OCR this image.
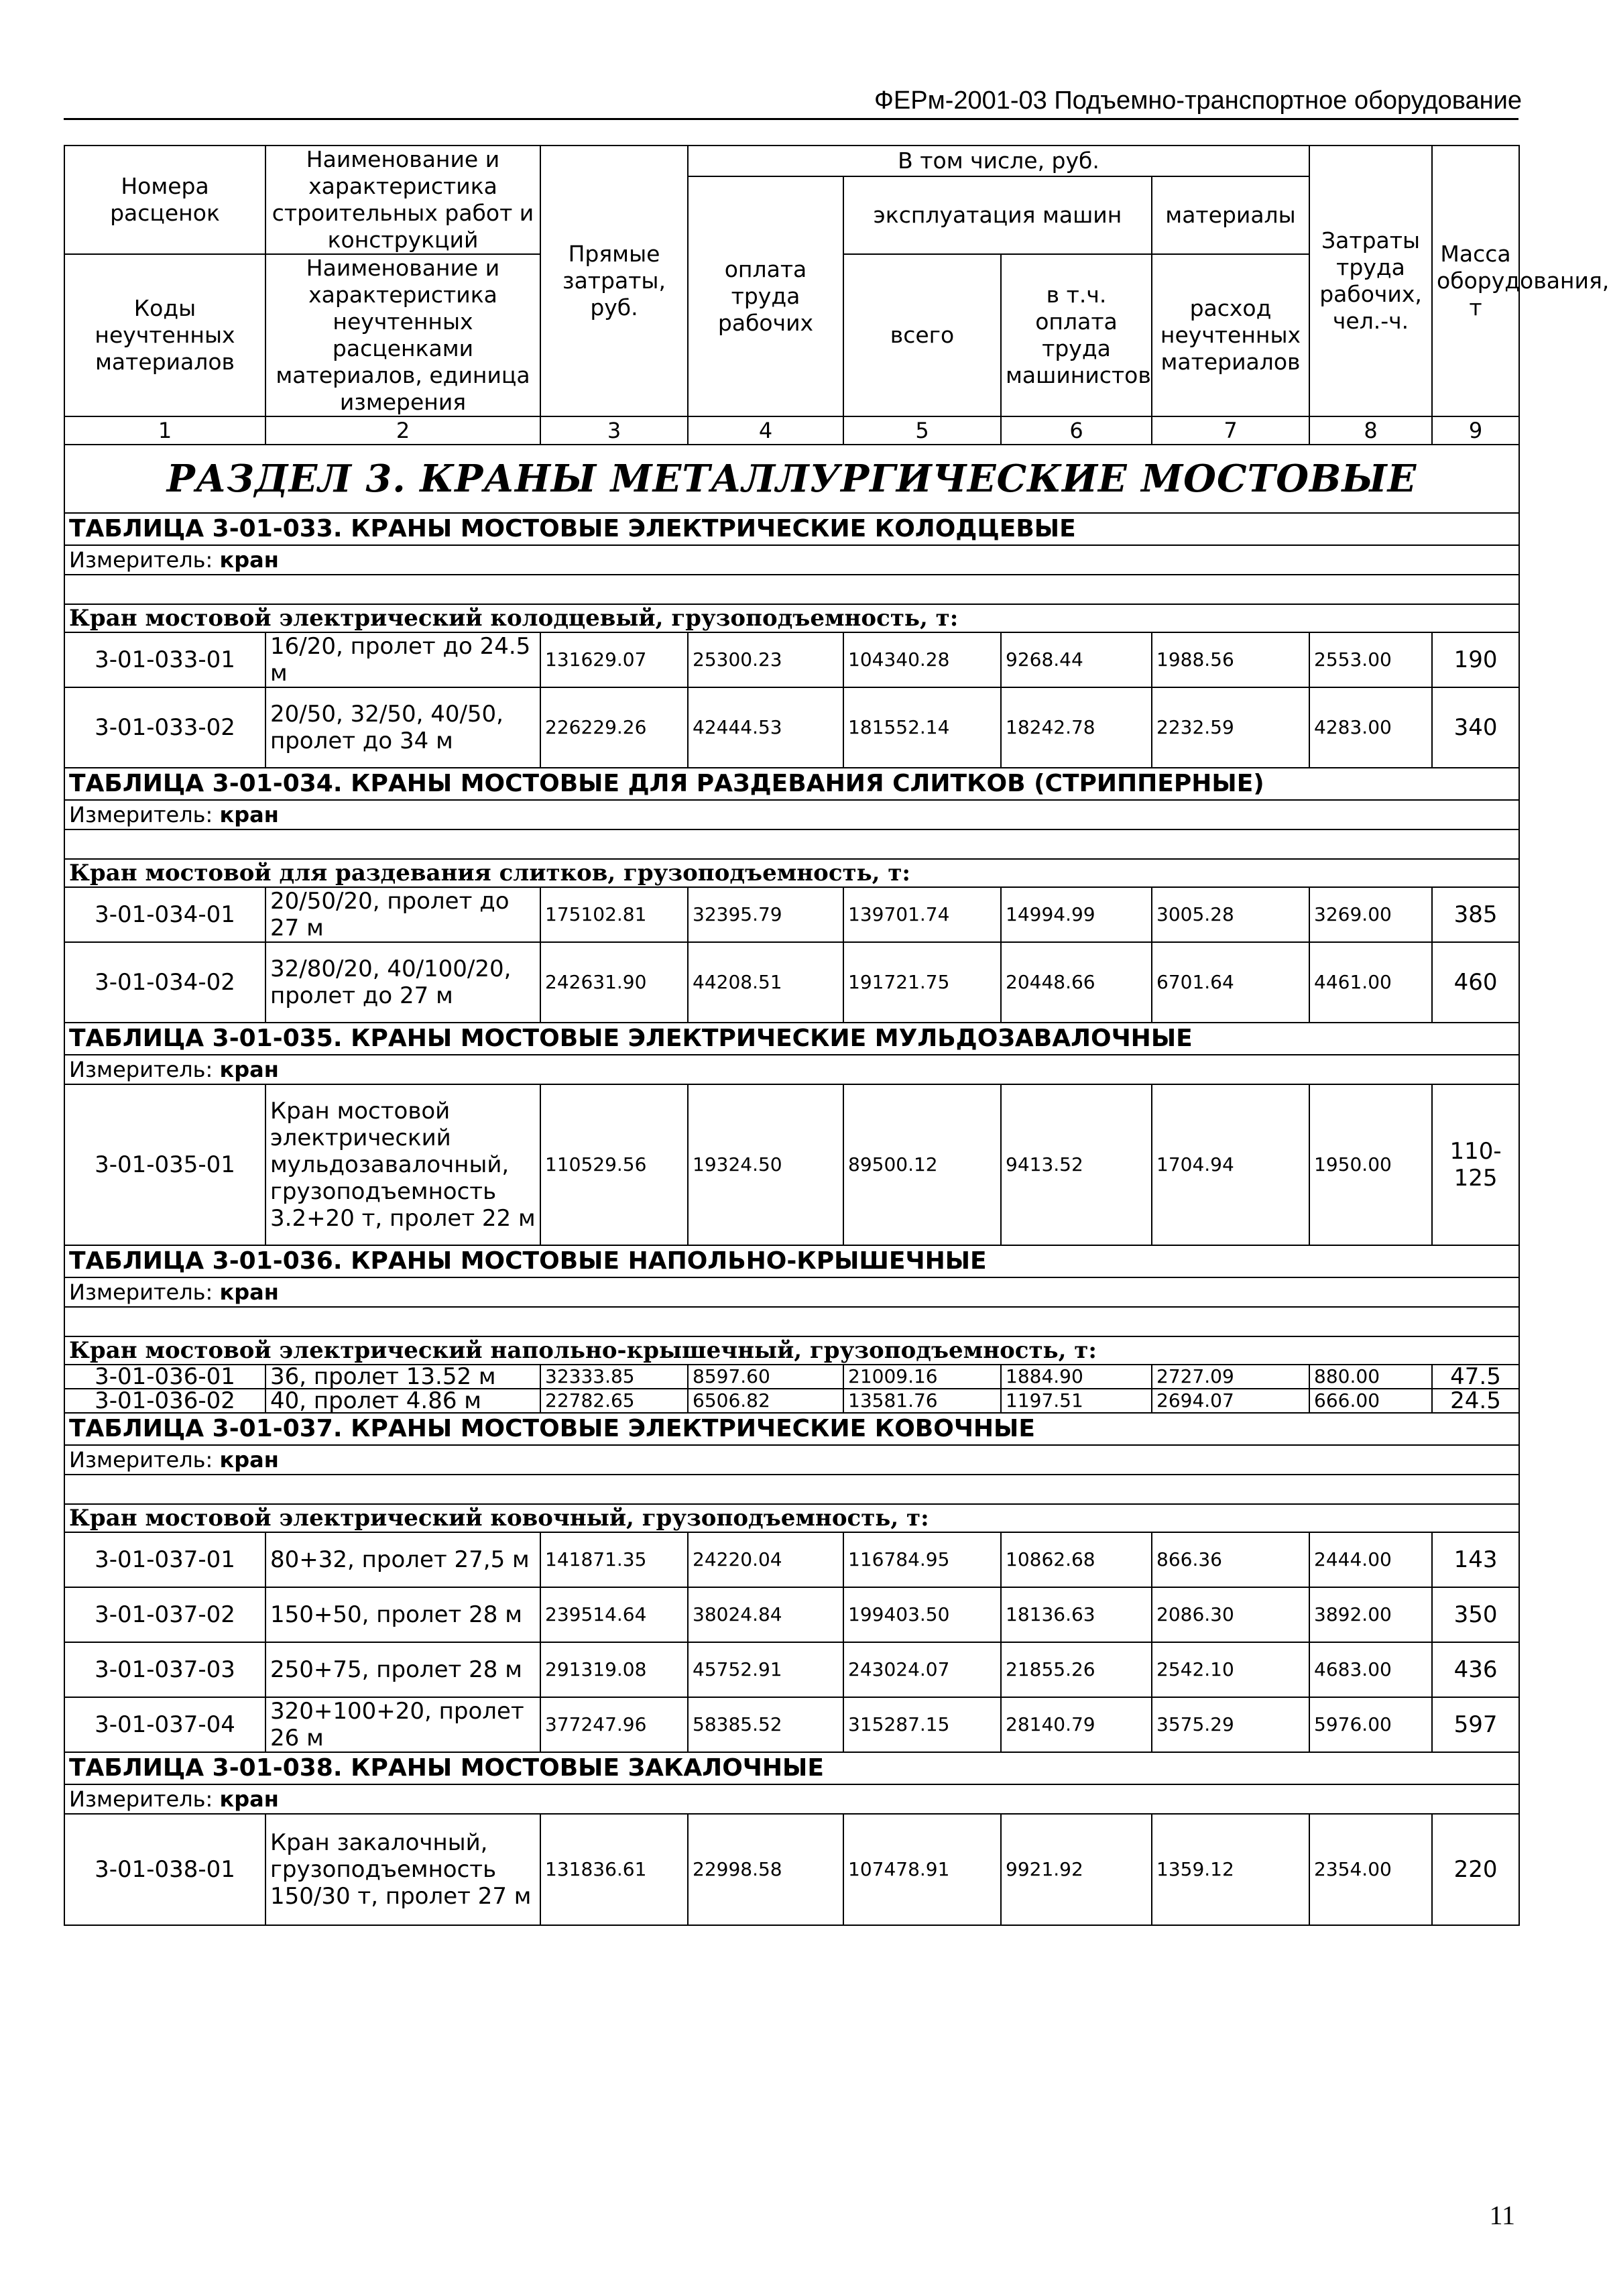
ФЕРм-2001-03 Подъемно-транспортное оборудование
Номера расценок	Наименование и характеристика строительных работ и конструкций	Прямые затраты, руб.	В том числе, руб.				Затраты труда рабочих, чел.-ч.	Масса оборудования, т
			оплата труда рабочих	эксплуатация машин		материалы		
Коды неучтенных материалов	Наименование и характеристика неучтенных расценками материалов, единица измерения			всего	в т.ч. оплата труда машинистов	расход неучтенных материалов		

1	2	3	4	5	6	7	8	9
РАЗДЕЛ 3. КРАНЫ МЕТАЛЛУРГИЧЕСКИЕ МОСТОВЫЕ								
ТАБЛИЦА 3-01-033. КРАНЫ МОСТОВЫЕ ЭЛЕКТРИЧЕСКИЕ КОЛОДЦЕВЫЕ								
Измеритель: кран								

Кран мостовой электрический колодцевый, грузоподъемность, т:								
3-01-033-01	16/20, пролет до 24.5 м	131629.07	25300.23	104340.28	9268.44	1988.56	2553.00	190
3-01-033-02	20/50, 32/50, 40/50, пролет до 34 м	226229.26	42444.53	181552.14	18242.78	2232.59	4283.00	340
ТАБЛИЦА 3-01-034. КРАНЫ МОСТОВЫЕ ДЛЯ РАЗДЕВАНИЯ СЛИТКОВ (СТРИППЕРНЫЕ)								
Измеритель: кран								

Кран мостовой для раздевания слитков, грузоподъемность, т:								
3-01-034-01	20/50/20, пролет до 27 м	175102.81	32395.79	139701.74	14994.99	3005.28	3269.00	385
3-01-034-02	32/80/20, 40/100/20, пролет до 27 м	242631.90	44208.51	191721.75	20448.66	6701.64	4461.00	460
ТАБЛИЦА 3-01-035. КРАНЫ МОСТОВЫЕ ЭЛЕКТРИЧЕСКИЕ МУЛЬДОЗАВАЛОЧНЫЕ								
Измеритель: кран								
3-01-035-01	Кран мостовой электрический мульдозавалочный, грузоподъемность 3.2+20 т, пролет 22 м	110529.56	19324.50	89500.12	9413.52	1704.94	1950.00	110-125
ТАБЛИЦА 3-01-036. КРАНЫ МОСТОВЫЕ НАПОЛЬНО-КРЫШЕЧНЫЕ								
Измеритель: кран								

Кран мостовой электрический напольно-крышечный, грузоподъемность, т:								
3-01-036-01	36, пролет 13.52 м	32333.85	8597.60	21009.16	1884.90	2727.09	880.00	47.5
3-01-036-02	40, пролет 4.86 м	22782.65	6506.82	13581.76	1197.51	2694.07	666.00	24.5
ТАБЛИЦА 3-01-037. КРАНЫ МОСТОВЫЕ ЭЛЕКТРИЧЕСКИЕ КОВОЧНЫЕ								
Измеритель: кран								

Кран мостовой электрический ковочный, грузоподъемность, т:								
3-01-037-01	80+32, пролет 27,5 м	141871.35	24220.04	116784.95	10862.68	866.36	2444.00	143
3-01-037-02	150+50, пролет 28 м	239514.64	38024.84	199403.50	18136.63	2086.30	3892.00	350
3-01-037-03	250+75, пролет 28 м	291319.08	45752.91	243024.07	21855.26	2542.10	4683.00	436
3-01-037-04	320+100+20, пролет 26 м	377247.96	58385.52	315287.15	28140.79	3575.29	5976.00	597
ТАБЛИЦА 3-01-038. КРАНЫ МОСТОВЫЕ ЗАКАЛОЧНЫЕ								
Измеритель: кран								
3-01-038-01	Кран закалочный, грузоподъемность 150/30 т, пролет 27 м	131836.61	22998.58	107478.91	9921.92	1359.12	2354.00	220
11
